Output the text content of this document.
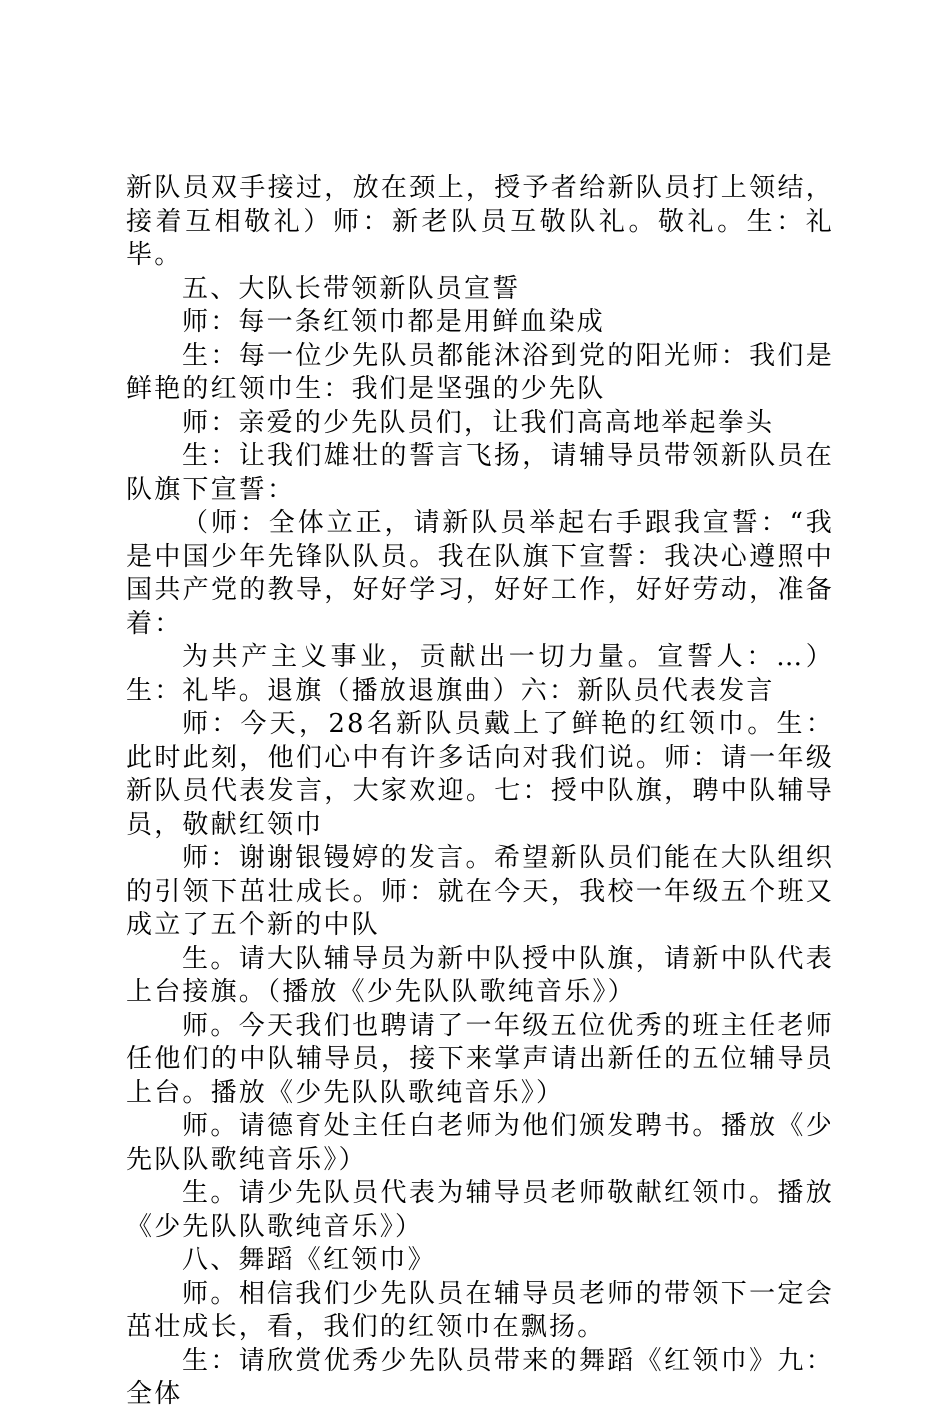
新队员双手接过，放在颈上，授予者给新队员打上领结，接着互相敬礼）师：新老队员互敬队礼。敬礼。生：礼毕。

五、大队长带领新队员宣誓

师：每一条红领巾都是用鲜血染成

生：每一位少先队员都能沐浴到党的阳光师：我们是鲜艳的红领巾生：我们是坚强的少先队

师：亲爱的少先队员们，让我们高高地举起拳头

生：让我们雄壮的誓言飞扬，请辅导员带领新队员在队旗下宣誓：

（师：全体立正，请新队员举起右手跟我宣誓：“我是中国少年先锋队队员。我在队旗下宣誓：我决心遵照中国共产党的教导，好好学习，好好工作，好好劳动，准备着：

为共产主义事业，贡献出一切力量。宣誓人：…）生：礼毕。退旗（播放退旗曲）六：新队员代表发言

师：今天，28名新队员戴上了鲜艳的红领巾。生：此时此刻，他们心中有许多话向对我们说。师：请一年级新队员代表发言，大家欢迎。七：授中队旗，聘中队辅导员，敬献红领巾

师：谢谢银镘婷的发言。希望新队员们能在大队组织的引领下茁壮成长。师：就在今天，我校一年级五个班又成立了五个新的中队

生。请大队辅导员为新中队授中队旗，请新中队代表上台接旗。（播放《少先队队歌纯音乐》）

师。今天我们也聘请了一年级五位优秀的班主任老师任他们的中队辅导员，接下来掌声请出新任的五位辅导员上台。播放《少先队队歌纯音乐》）

师。请德育处主任白老师为他们颁发聘书。播放《少先队队歌纯音乐》）

生。请少先队员代表为辅导员老师敬献红领巾。播放《少先队队歌纯音乐》）

八、舞蹈《红领巾》

师。相信我们少先队员在辅导员老师的带领下一定会茁壮成长，看，我们的红领巾在飘扬。

生：请欣赏优秀少先队员带来的舞蹈《红领巾》九：全体
